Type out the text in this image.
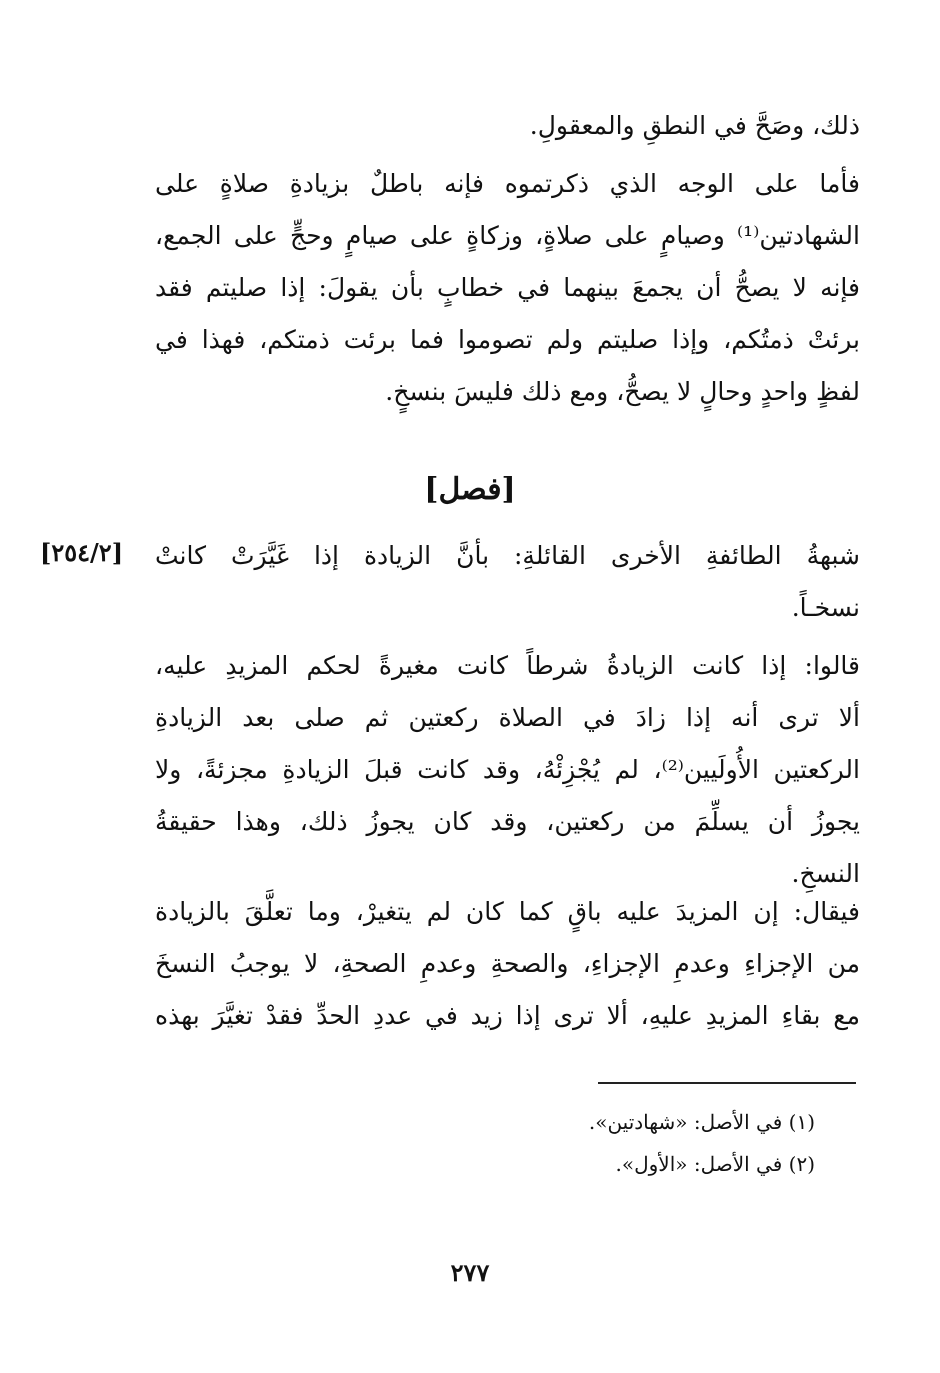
ذلك، وصَحَّ في النطقِ والمعقولِ.
فأما على الوجه الذي ذكرتموه فإنه باطلٌ بزيادةِ صلاةٍ على
الشهادتين⁽¹⁾ وصيامٍ على صلاةٍ، وزكاةٍ على صيامٍ وحجٍّ على الجمع،
فإنه لا يصحُّ أن يجمعَ بينهما في خطابٍ بأن يقولَ: إذا صليتم فقد
برئتْ ذمتُكم، وإذا صليتم ولم تصوموا فما برئت ذمتكم، فهذا في
لفظٍ واحدٍ وحالٍ لا يصحُّ، ومع ذلك فليسَ بنسخٍ.
[فصل]
[٢٥٤/٢] شبهةُ الطائفةِ الأخرى القائلةِ: بأنَّ الزيادة إذا غَيَّرَتْ كانتْ
نسخـاً.
قالوا: إذا كانت الزيادةُ شرطاً كانت مغيرةً لحكم المزيدِ عليه،
ألا ترى أنه إذا زادَ في الصلاة ركعتين ثم صلى بعد الزيادةِ
الركعتين الأُولَيين⁽²⁾، لم يُجْزِئْهُ، وقد كانت قبلَ الزيادةِ مجزئةً، ولا
يجوزُ أن يسلِّمَ من ركعتين، وقد كان يجوزُ ذلك، وهذا حقيقةُ
النسخِ.
فيقال: إن المزيدَ عليه باقٍ كما كان لم يتغيرْ، وما تعلَّقَ بالزيادة
من الإجزاءِ وعدمِ الإجزاءِ، والصحةِ وعدمِ الصحةِ، لا يوجبُ النسخَ
مع بقاءِ المزيدِ عليهِ، ألا ترى إذا زيد في عددِ الحدِّ فقدْ تغيَّرَ بهذه
(١) في الأصل: «شهادتين».
(٢) في الأصل: «الأول».
٢٧٧
